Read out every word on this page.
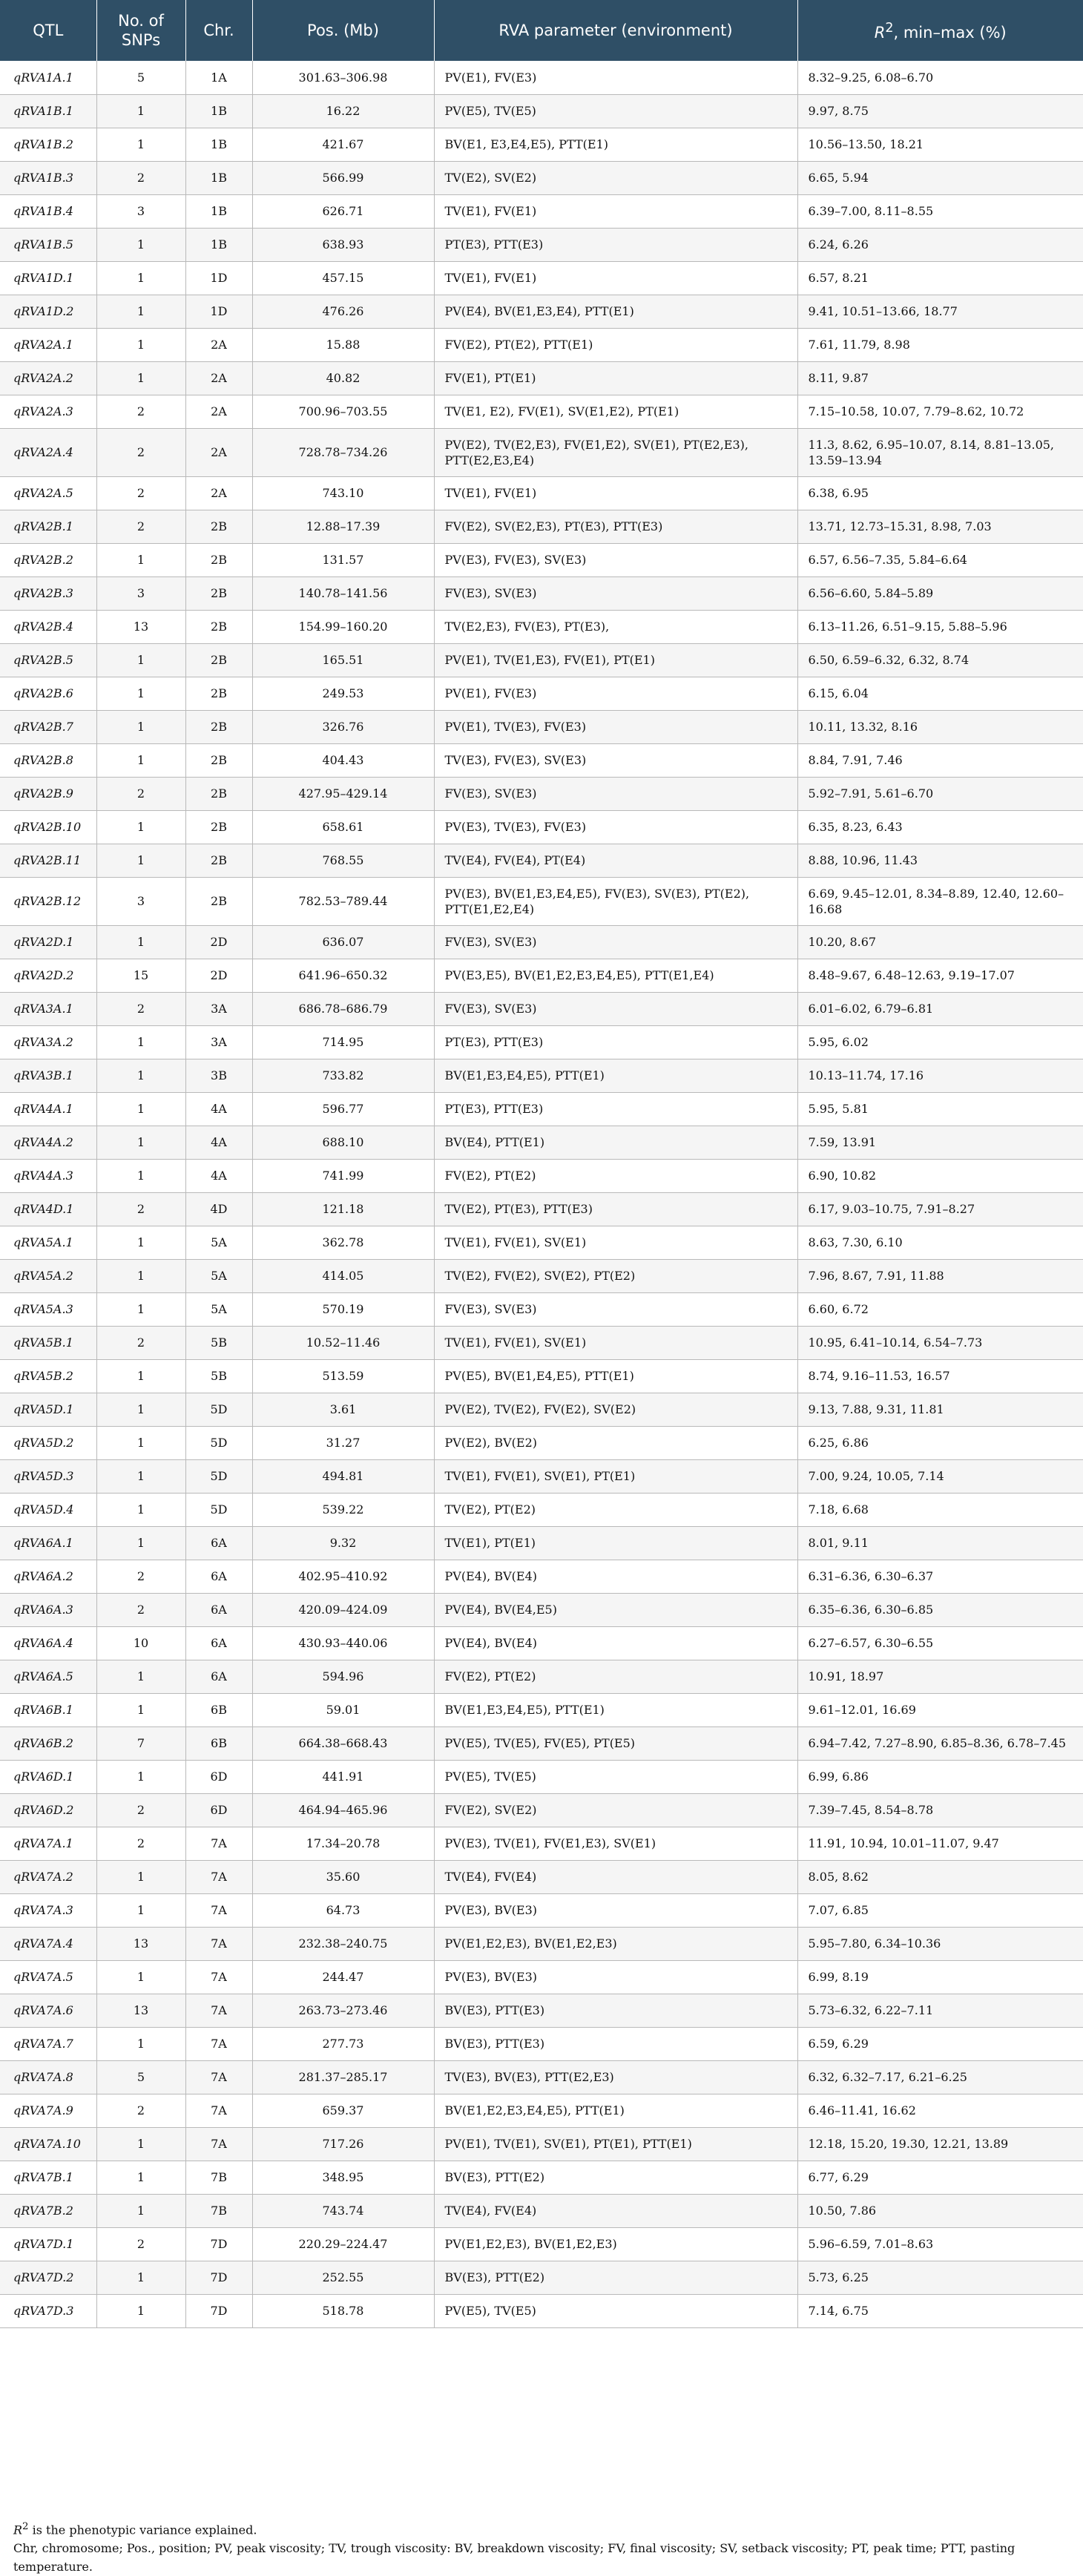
QTL	No. of SNPs	Chr.	Pos. (Mb)	RVA parameter (environment)	$R^2$, min–max (%)
qRVA1A.1	5	1A	301.63–306.98	PV(E1), FV(E3)	8.32–9.25, 6.08–6.70
qRVA1B.1	1	1B	16.22	PV(E5), TV(E5)	9.97, 8.75
qRVA1B.2	1	1B	421.67	BV(E1, E3,E4,E5), PTT(E1)	10.56–13.50, 18.21
qRVA1B.3	2	1B	566.99	TV(E2), SV(E2)	6.65, 5.94
qRVA1B.4	3	1B	626.71	TV(E1), FV(E1)	6.39–7.00, 8.11–8.55
qRVA1B.5	1	1B	638.93	PT(E3), PTT(E3)	6.24, 6.26
qRVA1D.1	1	1D	457.15	TV(E1), FV(E1)	6.57, 8.21
qRVA1D.2	1	1D	476.26	PV(E4), BV(E1,E3,E4), PTT(E1)	9.41, 10.51–13.66, 18.77
qRVA2A.1	1	2A	15.88	FV(E2), PT(E2), PTT(E1)	7.61, 11.79, 8.98
qRVA2A.2	1	2A	40.82	FV(E1), PT(E1)	8.11, 9.87
qRVA2A.3	2	2A	700.96–703.55	TV(E1, E2), FV(E1), SV(E1,E2), PT(E1)	7.15–10.58, 10.07, 7.79–8.62, 10.72
qRVA2A.4	2	2A	728.78–734.26	PV(E2), TV(E2,E3), FV(E1,E2), SV(E1), PT(E2,E3), PTT(E2,E3,E4)	11.3, 8.62, 6.95–10.07, 8.14, 8.81–13.05, 13.59–13.94
qRVA2A.5	2	2A	743.10	TV(E1), FV(E1)	6.38, 6.95
qRVA2B.1	2	2B	12.88–17.39	FV(E2), SV(E2,E3), PT(E3), PTT(E3)	13.71, 12.73–15.31, 8.98, 7.03
qRVA2B.2	1	2B	131.57	PV(E3), FV(E3), SV(E3)	6.57, 6.56–7.35, 5.84–6.64
qRVA2B.3	3	2B	140.78–141.56	FV(E3), SV(E3)	6.56–6.60, 5.84–5.89
qRVA2B.4	13	2B	154.99–160.20	TV(E2,E3), FV(E3), PT(E3),	6.13–11.26, 6.51–9.15, 5.88–5.96
qRVA2B.5	1	2B	165.51	PV(E1), TV(E1,E3), FV(E1), PT(E1)	6.50, 6.59–6.32, 6.32, 8.74
qRVA2B.6	1	2B	249.53	PV(E1), FV(E3)	6.15, 6.04
qRVA2B.7	1	2B	326.76	PV(E1), TV(E3), FV(E3)	10.11, 13.32, 8.16
qRVA2B.8	1	2B	404.43	TV(E3), FV(E3), SV(E3)	8.84, 7.91, 7.46
qRVA2B.9	2	2B	427.95–429.14	FV(E3), SV(E3)	5.92–7.91, 5.61–6.70
qRVA2B.10	1	2B	658.61	PV(E3), TV(E3), FV(E3)	6.35, 8.23, 6.43
qRVA2B.11	1	2B	768.55	TV(E4), FV(E4), PT(E4)	8.88, 10.96, 11.43
qRVA2B.12	3	2B	782.53–789.44	PV(E3), BV(E1,E3,E4,E5), FV(E3), SV(E3), PT(E2), PTT(E1,E2,E4)	6.69, 9.45–12.01, 8.34–8.89, 12.40, 12.60–16.68
qRVA2D.1	1	2D	636.07	FV(E3), SV(E3)	10.20, 8.67
qRVA2D.2	15	2D	641.96–650.32	PV(E3,E5), BV(E1,E2,E3,E4,E5), PTT(E1,E4)	8.48–9.67, 6.48–12.63, 9.19–17.07
qRVA3A.1	2	3A	686.78–686.79	FV(E3), SV(E3)	6.01–6.02, 6.79–6.81
qRVA3A.2	1	3A	714.95	PT(E3), PTT(E3)	5.95, 6.02
qRVA3B.1	1	3B	733.82	BV(E1,E3,E4,E5), PTT(E1)	10.13–11.74, 17.16
qRVA4A.1	1	4A	596.77	PT(E3), PTT(E3)	5.95, 5.81
qRVA4A.2	1	4A	688.10	BV(E4), PTT(E1)	7.59, 13.91
qRVA4A.3	1	4A	741.99	FV(E2), PT(E2)	6.90, 10.82
qRVA4D.1	2	4D	121.18	TV(E2), PT(E3), PTT(E3)	6.17, 9.03–10.75, 7.91–8.27
qRVA5A.1	1	5A	362.78	TV(E1), FV(E1), SV(E1)	8.63, 7.30, 6.10
qRVA5A.2	1	5A	414.05	TV(E2), FV(E2), SV(E2), PT(E2)	7.96, 8.67, 7.91, 11.88
qRVA5A.3	1	5A	570.19	FV(E3), SV(E3)	6.60, 6.72
qRVA5B.1	2	5B	10.52–11.46	TV(E1), FV(E1), SV(E1)	10.95, 6.41–10.14, 6.54–7.73
qRVA5B.2	1	5B	513.59	PV(E5), BV(E1,E4,E5), PTT(E1)	8.74, 9.16–11.53, 16.57
qRVA5D.1	1	5D	3.61	PV(E2), TV(E2), FV(E2), SV(E2)	9.13, 7.88, 9.31, 11.81
qRVA5D.2	1	5D	31.27	PV(E2), BV(E2)	6.25, 6.86
qRVA5D.3	1	5D	494.81	TV(E1), FV(E1), SV(E1), PT(E1)	7.00, 9.24, 10.05, 7.14
qRVA5D.4	1	5D	539.22	TV(E2), PT(E2)	7.18, 6.68
qRVA6A.1	1	6A	9.32	TV(E1), PT(E1)	8.01, 9.11
qRVA6A.2	2	6A	402.95–410.92	PV(E4), BV(E4)	6.31–6.36, 6.30–6.37
qRVA6A.3	2	6A	420.09–424.09	PV(E4), BV(E4,E5)	6.35–6.36, 6.30–6.85
qRVA6A.4	10	6A	430.93–440.06	PV(E4), BV(E4)	6.27–6.57, 6.30–6.55
qRVA6A.5	1	6A	594.96	FV(E2), PT(E2)	10.91, 18.97
qRVA6B.1	1	6B	59.01	BV(E1,E3,E4,E5), PTT(E1)	9.61–12.01, 16.69
qRVA6B.2	7	6B	664.38–668.43	PV(E5), TV(E5), FV(E5), PT(E5)	6.94–7.42, 7.27–8.90, 6.85–8.36, 6.78–7.45
qRVA6D.1	1	6D	441.91	PV(E5), TV(E5)	6.99, 6.86
qRVA6D.2	2	6D	464.94–465.96	FV(E2), SV(E2)	7.39–7.45, 8.54–8.78
qRVA7A.1	2	7A	17.34–20.78	PV(E3), TV(E1), FV(E1,E3), SV(E1)	11.91, 10.94, 10.01–11.07, 9.47
qRVA7A.2	1	7A	35.60	TV(E4), FV(E4)	8.05, 8.62
qRVA7A.3	1	7A	64.73	PV(E3), BV(E3)	7.07, 6.85
qRVA7A.4	13	7A	232.38–240.75	PV(E1,E2,E3), BV(E1,E2,E3)	5.95–7.80, 6.34–10.36
qRVA7A.5	1	7A	244.47	PV(E3), BV(E3)	6.99, 8.19
qRVA7A.6	13	7A	263.73–273.46	BV(E3), PTT(E3)	5.73–6.32, 6.22–7.11
qRVA7A.7	1	7A	277.73	BV(E3), PTT(E3)	6.59, 6.29
qRVA7A.8	5	7A	281.37–285.17	TV(E3), BV(E3), PTT(E2,E3)	6.32, 6.32–7.17, 6.21–6.25
qRVA7A.9	2	7A	659.37	BV(E1,E2,E3,E4,E5), PTT(E1)	6.46–11.41, 16.62
qRVA7A.10	1	7A	717.26	PV(E1), TV(E1), SV(E1), PT(E1), PTT(E1)	12.18, 15.20, 19.30, 12.21, 13.89
qRVA7B.1	1	7B	348.95	BV(E3), PTT(E2)	6.77, 6.29
qRVA7B.2	1	7B	743.74	TV(E4), FV(E4)	10.50, 7.86
qRVA7D.1	2	7D	220.29–224.47	PV(E1,E2,E3), BV(E1,E2,E3)	5.96–6.59, 7.01–8.63
qRVA7D.2	1	7D	252.55	BV(E3), PTT(E2)	5.73, 6.25
qRVA7D.3	1	7D	518.78	PV(E5), TV(E5)	7.14, 6.75

$R^2$ is the phenotypic variance explained.

Chr, chromosome; Pos., position; PV, peak viscosity; TV, trough viscosity: BV, breakdown viscosity; FV, final viscosity; SV, setback viscosity; PT, peak time; PTT, pasting temperature.
